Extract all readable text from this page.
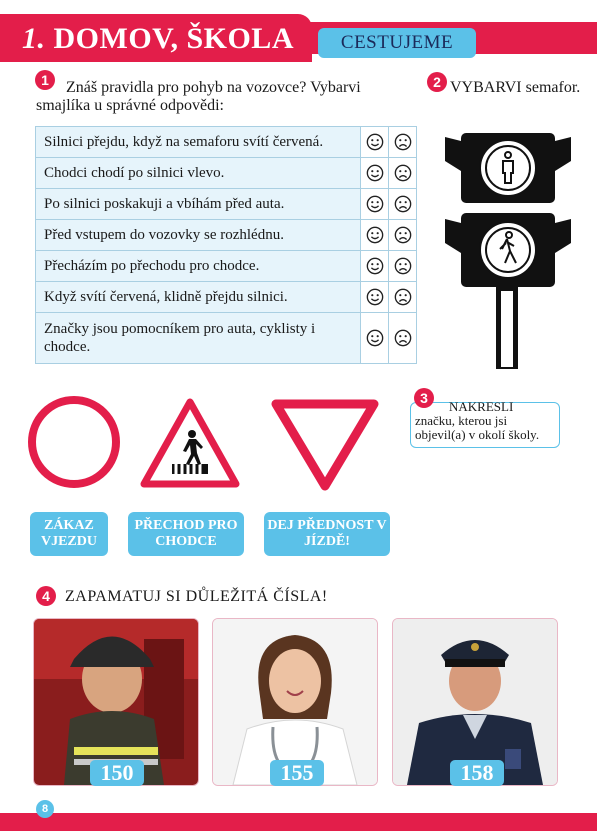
1. DOMOV, ŠKOLA	CESTUJEME
1	Znáš pravidla pro pohyb na vozovce? Vybarvi smajlíka u správné odpovědi:
2 VYBARVI semafor.
Silnici přejdu, když na semaforu svítí červená.		
Chodci chodí po silnici vlevo.		
Po silnici poskakuji a vbíhám před auta.		
Před vstupem do vozovky se rozhlédnu.		
Přecházím po přechodu pro chodce.		
Když svítí červená, klidně přejdu silnici.		
Značky jsou pomocníkem pro auta, cyklisty i chodce.		
3
NAKRESLI značku, kterou jsi objevil(a) v okolí školy.
ZÁKAZ VJEZDU
PŘECHOD PRO CHODCE
DEJ PŘEDNOST V JÍZDĚ!
4 ZAPAMATUJ SI DŮLEŽITÁ ČÍSLA!
150	155	158
8
